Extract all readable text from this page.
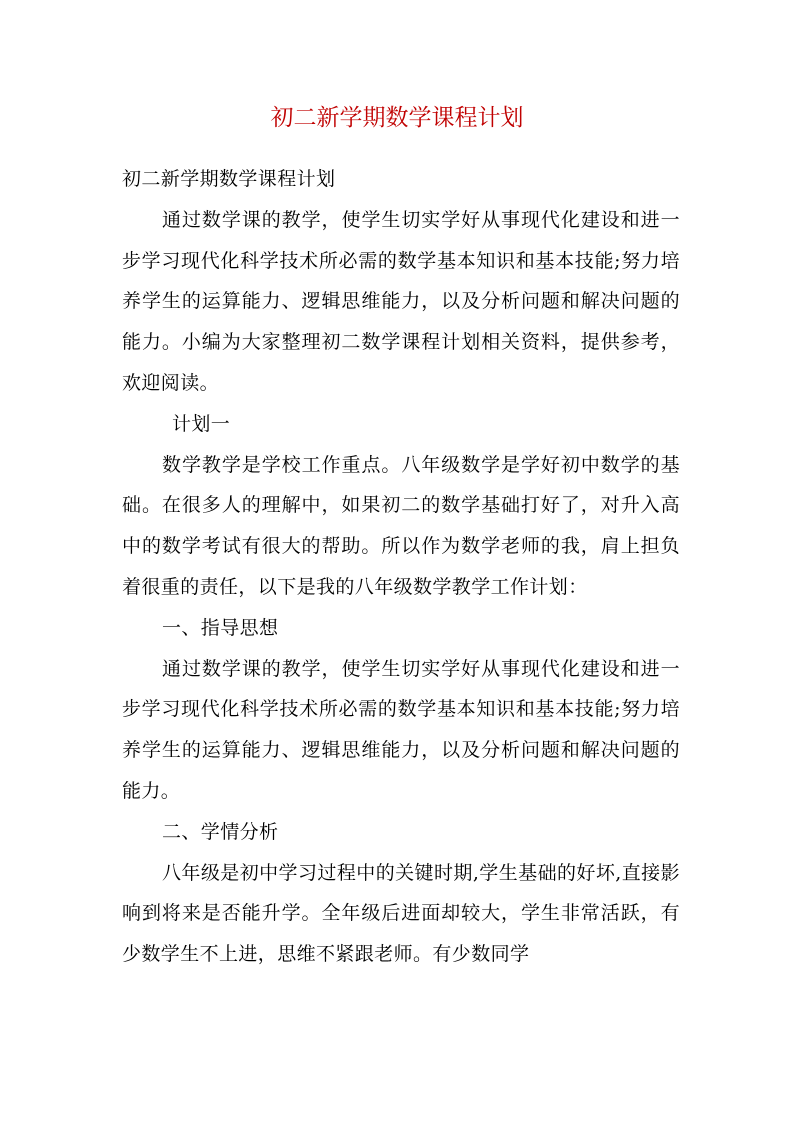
初二新学期数学课程计划

初二新学期数学课程计划

通过数学课的教学，使学生切实学好从事现代化建设和进一步学习现代化科学技术所必需的数学基本知识和基本技能;努力培养学生的运算能力、逻辑思维能力，以及分析问题和解决问题的能力。小编为大家整理初二数学课程计划相关资料，提供参考，欢迎阅读。

计划一

数学教学是学校工作重点。八年级数学是学好初中数学的基础。在很多人的理解中，如果初二的数学基础打好了，对升入高中的数学考试有很大的帮助。所以作为数学老师的我，肩上担负着很重的责任，以下是我的八年级数学教学工作计划：

一、指导思想

通过数学课的教学，使学生切实学好从事现代化建设和进一步学习现代化科学技术所必需的数学基本知识和基本技能;努力培养学生的运算能力、逻辑思维能力，以及分析问题和解决问题的能力。

二、学情分析

八年级是初中学习过程中的关键时期,学生基础的好坏,直接影响到将来是否能升学。全年级后进面却较大，学生非常活跃，有少数学生不上进，思维不紧跟老师。有少数同学
